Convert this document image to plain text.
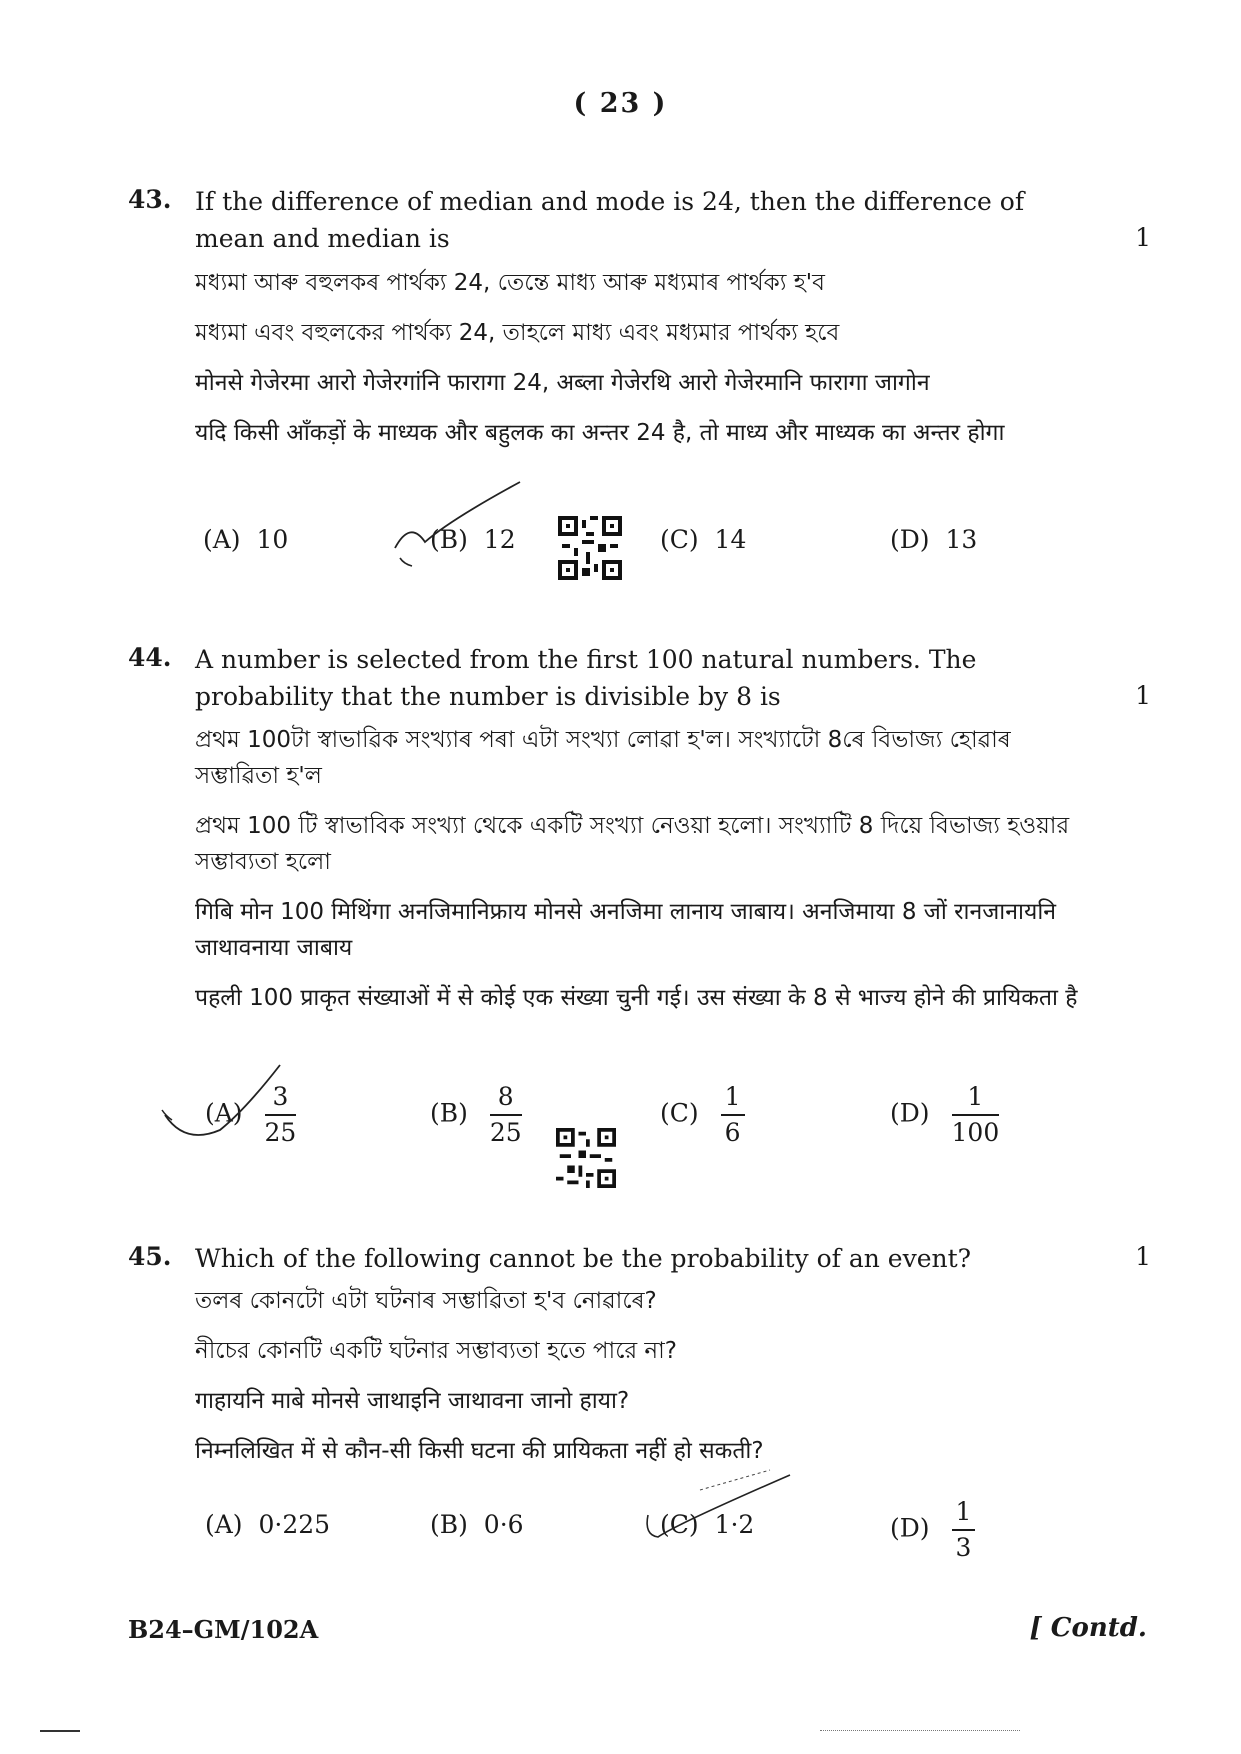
( 23 )
43. If the difference of median and mode is 24, then the difference of
mean and median is	1
মধ্যমা আৰু বহুলকৰ পাৰ্থক্য 24, তেন্তে মাধ্য আৰু মধ্যমাৰ পাৰ্থক্য হ'ব
মধ্যমা এবং বহুলকের পার্থক্য 24, তাহলে মাধ্য এবং মধ্যমার পার্থক্য হবে
मोनसे गेजेरमा आरो गेजेरगांनि फारागा 24, अब्ला गेजेरथि आरो गेजेरमानि फारागा जागोन
यदि किसी आँकड़ों के माध्यक और बहुलक का अन्तर 24 है, तो माध्य और माध्यक का अन्तर होगा
(A) 10	(B) 12	(C) 14	(D) 13
44. A number is selected from the first 100 natural numbers. The
probability that the number is divisible by 8 is	1
প্ৰথম 100টা স্বাভাৱিক সংখ্যাৰ পৰা এটা সংখ্যা লোৱা হ'ল। সংখ্যাটো 8ৰে বিভাজ্য হোৱাৰ সম্ভাৱিতা হ'ল
প্রথম 100 টি স্বাভাবিক সংখ্যা থেকে একটি সংখ্যা নেওয়া হলো। সংখ্যাটি 8 দিয়ে বিভাজ্য হওয়ার সম্ভাব্যতা হলো
गिबि मोन 100 मिथिंगा अनजिमानिफ्राय मोनसे अनजिमा लानाय जाबाय। अनजिमाया 8 जों रानजानायनि जाथावनाया जाबाय
पहली 100 प्राकृत संख्याओं में से कोई एक संख्या चुनी गई। उस संख्या के 8 से भाज्य होने की प्रायिकता है
$(A) \frac{3}{25}$	$(B) \frac{8}{25}$	$(C) \frac{1}{6}$	$(D) \frac{1}{100}$
45. Which of the following cannot be the probability of an event?	1
তলৰ কোনটো এটা ঘটনাৰ সম্ভাৱিতা হ'ব নোৱাৰে?
নীচের কোনটি একটি ঘটনার সম্ভাব্যতা হতে পারে না?
गाहायनि माबे मोनसे जाथाइनि जाथावना जानो हाया?
निम्नलिखित में से कौन-सी किसी घटना की प्रायिकता नहीं हो सकती?
(A) 0·225	(B) 0·6	(C) 1·2	$(D) \frac{1}{3}$
B24–GM/102A	[ Contd.
